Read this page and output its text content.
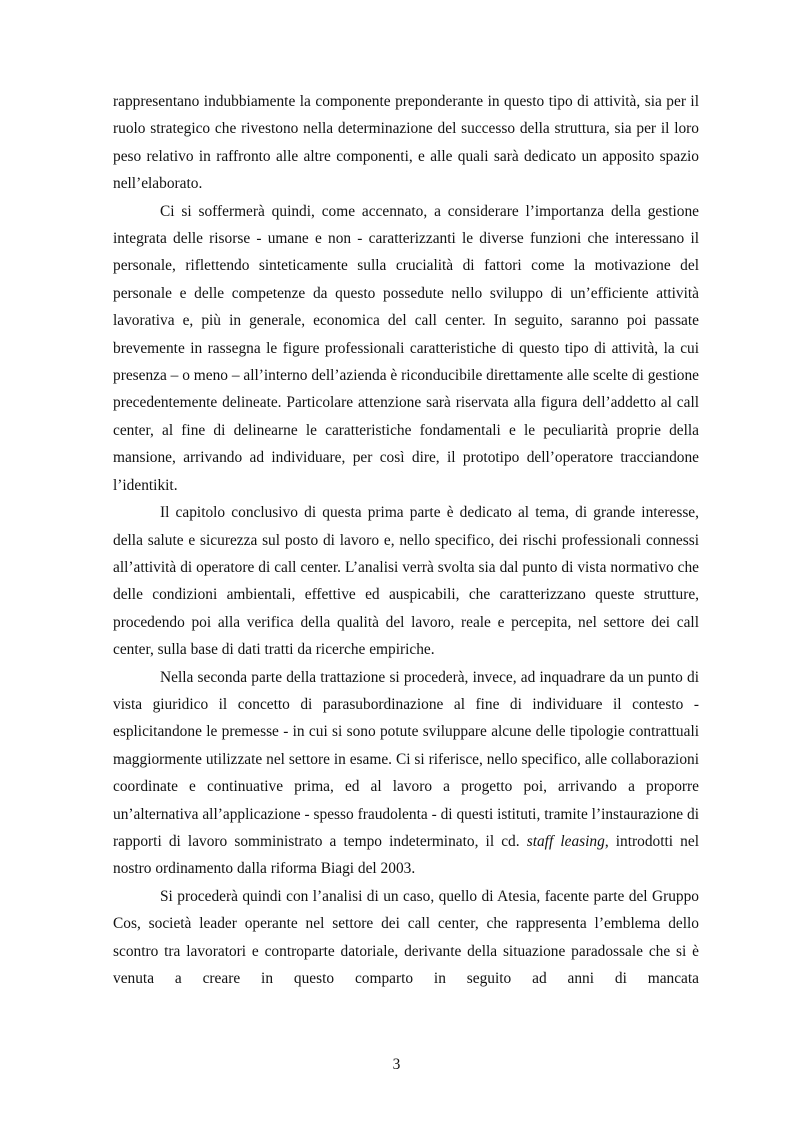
rappresentano indubbiamente la componente preponderante in questo tipo di attività, sia per il ruolo strategico che rivestono nella determinazione del successo della struttura, sia per il loro peso relativo in raffronto alle altre componenti, e alle quali sarà dedicato un apposito spazio nell’elaborato.

Ci si soffermerà quindi, come accennato, a considerare l’importanza della gestione integrata delle risorse - umane e non - caratterizzanti le diverse funzioni che interessano il personale, riflettendo sinteticamente sulla crucialità di fattori come la motivazione del personale e delle competenze da questo possedute nello sviluppo di un’efficiente attività lavorativa e, più in generale, economica del call center. In seguito, saranno poi passate brevemente in rassegna le figure professionali caratteristiche di questo tipo di attività, la cui presenza – o meno – all’interno dell’azienda è riconducibile direttamente alle scelte di gestione precedentemente delineate. Particolare attenzione sarà riservata alla figura dell’addetto al call center, al fine di delinearne le caratteristiche fondamentali e le peculiarità proprie della mansione, arrivando ad individuare, per così dire, il prototipo dell’operatore tracciandone l’identikit.

Il capitolo conclusivo di questa prima parte è dedicato al tema, di grande interesse, della salute e sicurezza sul posto di lavoro e, nello specifico, dei rischi professionali connessi all’attività di operatore di call center. L’analisi verrà svolta sia dal punto di vista normativo che delle condizioni ambientali, effettive ed auspicabili, che caratterizzano queste strutture, procedendo poi alla verifica della qualità del lavoro, reale e percepita, nel settore dei call center, sulla base di dati tratti da ricerche empiriche.

Nella seconda parte della trattazione si procederà, invece, ad inquadrare da un punto di vista giuridico il concetto di parasubordinazione al fine di individuare il contesto - esplicitandone le premesse - in cui si sono potute sviluppare alcune delle tipologie contrattuali maggiormente utilizzate nel settore in esame. Ci si riferisce, nello specifico, alle collaborazioni coordinate e continuative prima, ed al lavoro a progetto poi, arrivando a proporre un’alternativa all’applicazione - spesso fraudolenta - di questi istituti, tramite l’instaurazione di rapporti di lavoro somministrato a tempo indeterminato, il cd. staff leasing, introdotti nel nostro ordinamento dalla riforma Biagi del 2003.

Si procederà quindi con l’analisi di un caso, quello di Atesia, facente parte del Gruppo Cos, società leader operante nel settore dei call center, che rappresenta l’emblema dello scontro tra lavoratori e controparte datoriale, derivante della situazione paradossale che si è venuta a creare in questo comparto in seguito ad anni di mancata

3
